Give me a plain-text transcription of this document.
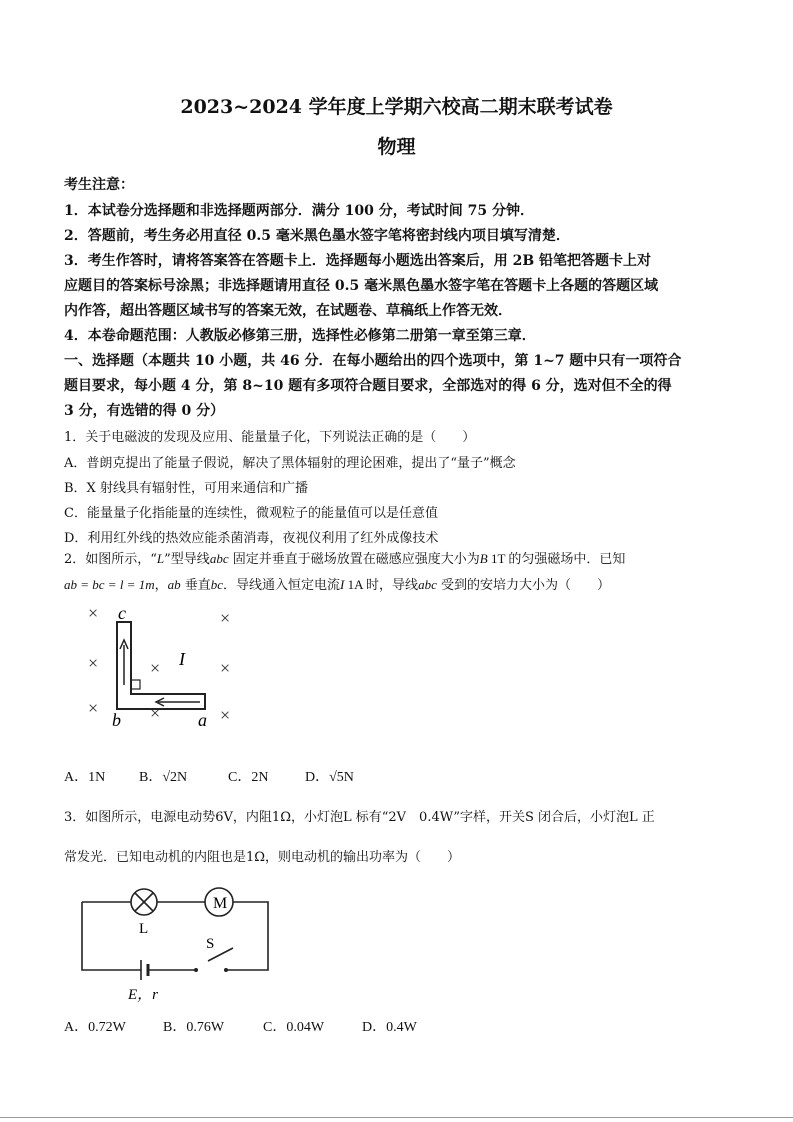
2023~2024 学年度上学期六校高二期末联考试卷
物理
考生注意：
1．本试卷分选择题和非选择题两部分．满分 100 分，考试时间 75 分钟．
2．答题前，考生务必用直径 0.5 毫米黑色墨水签字笔将密封线内项目填写清楚．
3．考生作答时，请将答案答在答题卡上．选择题每小题选出答案后，用 2B 铅笔把答题卡上对
应题目的答案标号涂黑；非选择题请用直径 0.5 毫米黑色墨水签字笔在答题卡上各题的答题区域
内作答，超出答题区域书写的答案无效，在试题卷、草稿纸上作答无效．
4．本卷命题范围：人教版必修第三册，选择性必修第二册第一章至第三章．
一、选择题（本题共 10 小题，共 46 分．在每小题给出的四个选项中，第 1~7 题中只有一项符合
题目要求，每小题 4 分，第 8~10 题有多项符合题目要求，全部选对的得 6 分，选对但不全的得
3 分，有选错的得 0 分）
1．关于电磁波的发现及应用、能量量子化，下列说法正确的是（　　）
A．普朗克提出了能量子假说，解决了黑体辐射的理论困难，提出了“量子”概念
B．X 射线具有辐射性，可用来通信和广播
C．能量量子化指能量的连续性，微观粒子的能量值可以是任意值
D．利用红外线的热效应能杀菌消毒，夜视仪利用了红外成像技术
2．如图所示，“L”型导线abc 固定并垂直于磁场放置在磁感应强度大小为B 1T 的匀强磁场中．已知
ab = bc = l = 1m，ab 垂直bc．导线通入恒定电流I 1A 时，导线abc 受到的安培力大小为（　　）
×	×
×	×	×
×	×	×
c
b	a
I
A．1N B．√2N	C．2N	D．√5N
3．如图所示，电源电动势6V，内阻1Ω，小灯泡L 标有“2V　0.4W”字样，开关S 闭合后，小灯泡L 正
常发光．已知电动机的内阻也是1Ω，则电动机的输出功率为（　　）
M
L
S
E，r
A．0.72W	B．0.76W	C．0.04W	D．0.4W
